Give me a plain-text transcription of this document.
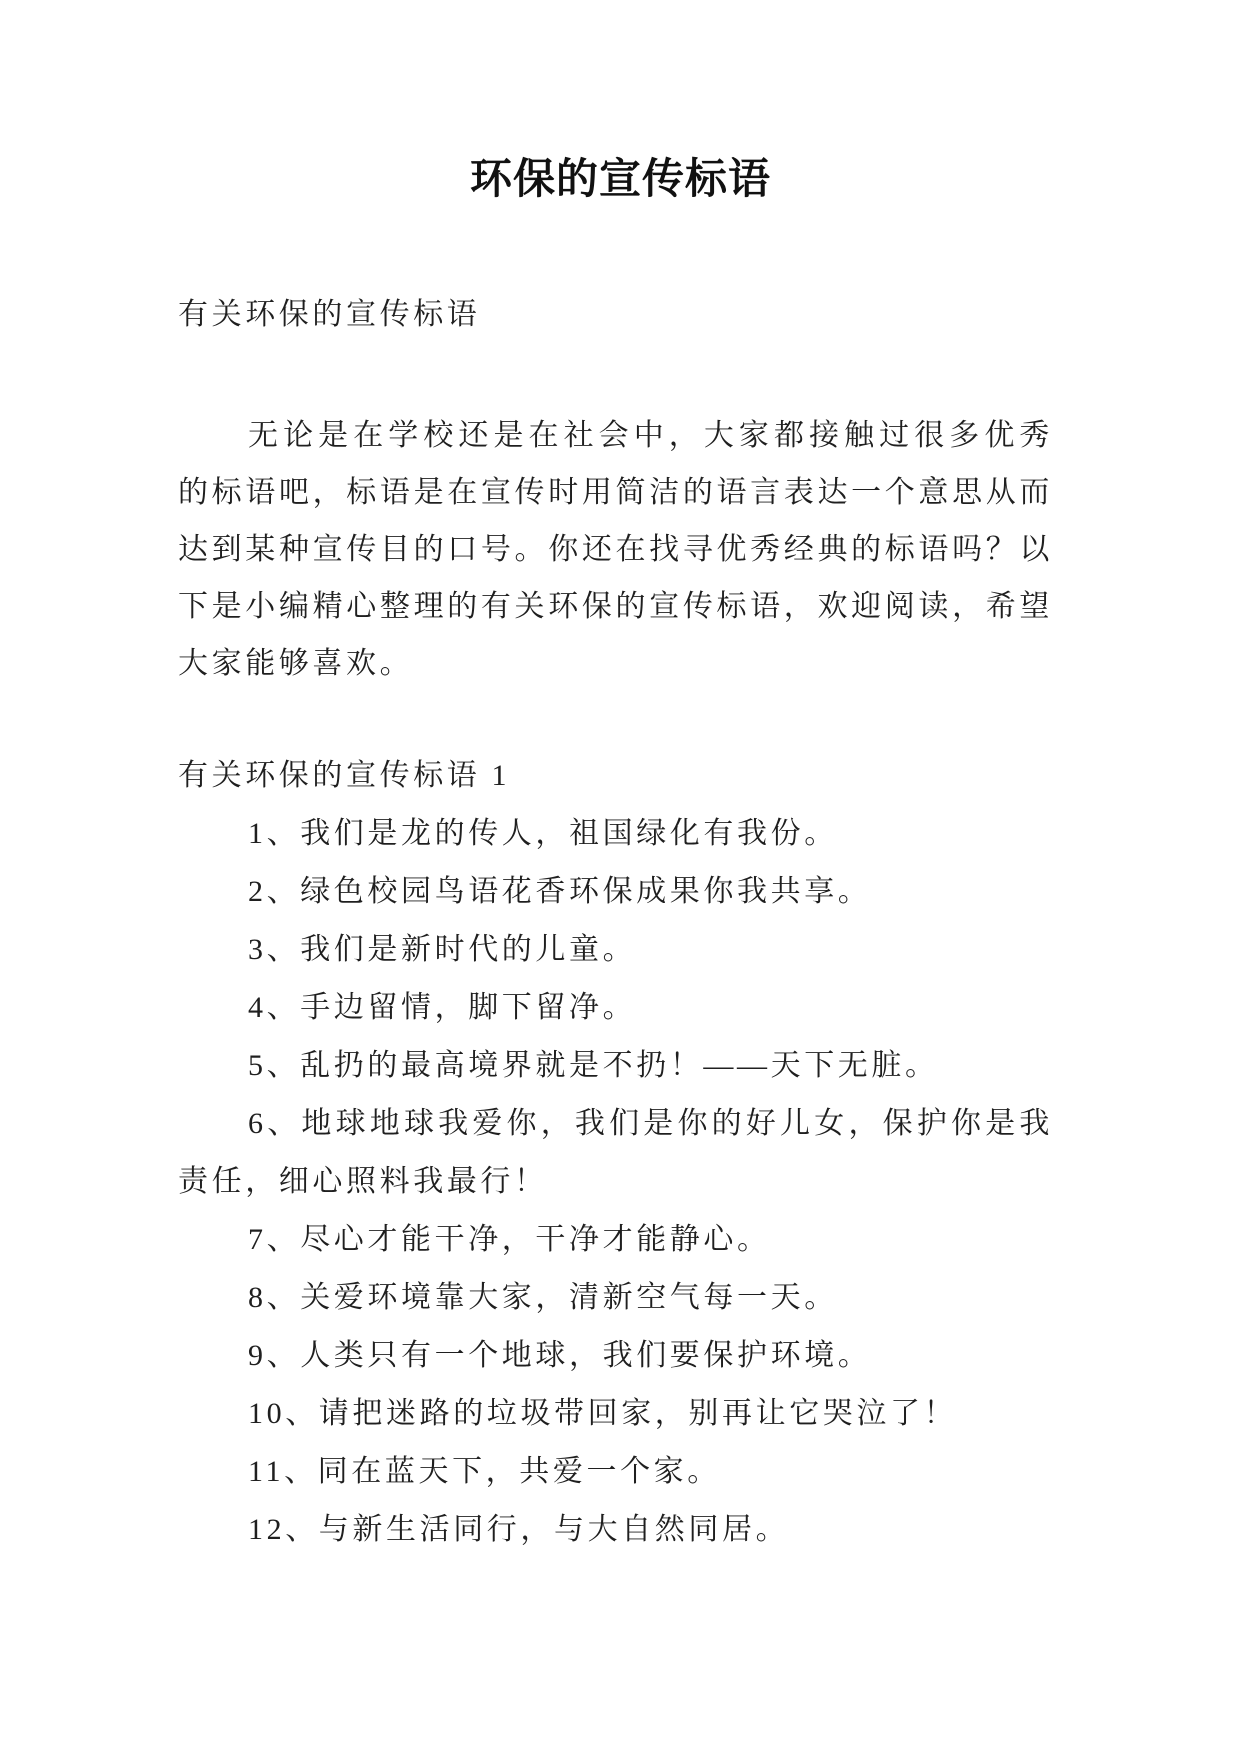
环保的宣传标语

有关环保的宣传标语

无论是在学校还是在社会中，大家都接触过很多优秀的标语吧，标语是在宣传时用简洁的语言表达一个意思从而达到某种宣传目的口号。你还在找寻优秀经典的标语吗？以下是小编精心整理的有关环保的宣传标语，欢迎阅读，希望大家能够喜欢。

有关环保的宣传标语 1

1、我们是龙的传人，祖国绿化有我份。

2、绿色校园鸟语花香环保成果你我共享。

3、我们是新时代的儿童。

4、手边留情，脚下留净。

5、乱扔的最高境界就是不扔！——天下无脏。

6、地球地球我爱你，我们是你的好儿女，保护你是我责任，细心照料我最行！

7、尽心才能干净，干净才能静心。

8、关爱环境靠大家，清新空气每一天。

9、人类只有一个地球，我们要保护环境。

10、请把迷路的垃圾带回家，别再让它哭泣了！

11、同在蓝天下，共爱一个家。

12、与新生活同行，与大自然同居。
